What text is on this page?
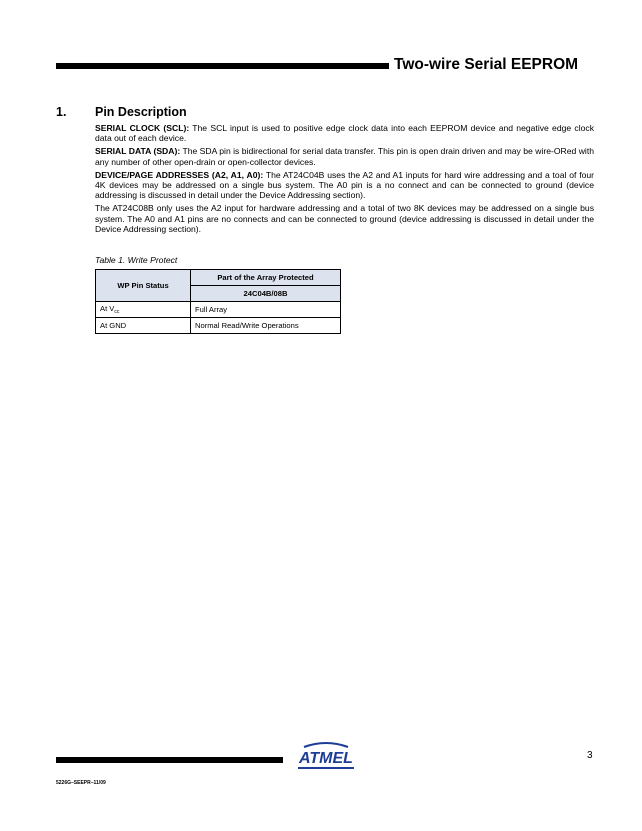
Two-wire Serial EEPROM
1. Pin Description

SERIAL CLOCK (SCL): The SCL input is used to positive edge clock data into each EEPROM device and negative edge clock data out of each device.

SERIAL DATA (SDA): The SDA pin is bidirectional for serial data transfer. This pin is open drain driven and may be wire-ORed with any number of other open-drain or open-collector devices.

DEVICE/PAGE ADDRESSES (A2, A1, A0): The AT24C04B uses the A2 and A1 inputs for hard wire addressing and a toal of four 4K devices may be addressed on a single bus system. The A0 pin is a no connect and can be connected to ground (device addressing is discussed in detail under the Device Addressing section).

The AT24C08B only uses the A2 input for hardware addressing and a total of two 8K devices may be addressed on a single bus system. The A0 and A1 pins are no connects and can be connected to ground (device addressing is discussed in detail under the Device Addressing section).

Table 1. Write Protect
WP Pin Status	Part of the Array Protected
	24C04B/08B
At $V_{cc}$	Full Array
At GND	Normal Read/Write Operations
ATMEL	3
5226G–SEEPR–11/09
